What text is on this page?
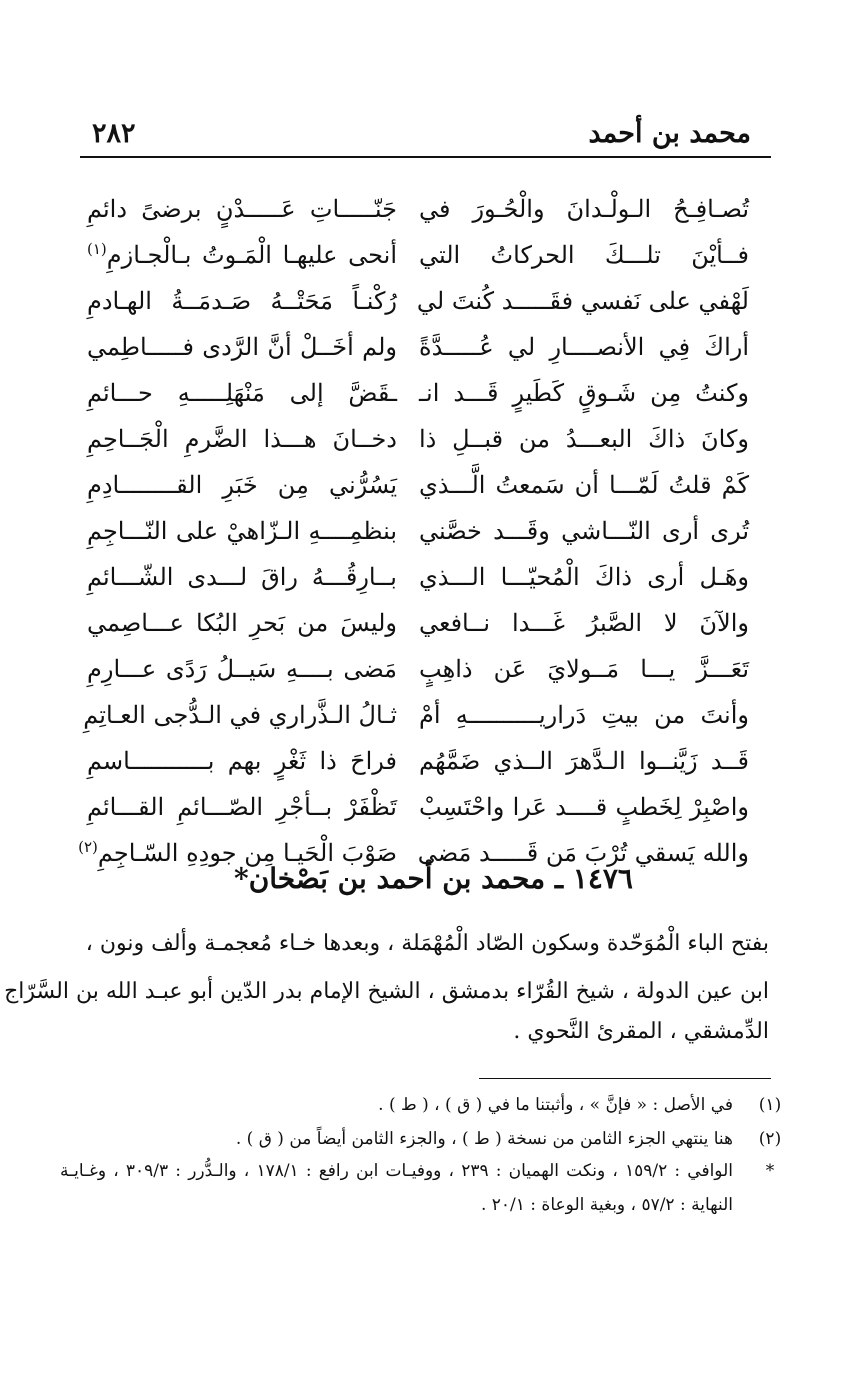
محمد بن أحمد
٢٨٢
تُصـافِـحُ الـولْـدانَ والْحُـورَ في
جَنّـــــاتِ عَـــــدْنٍ برضىً دائمِ
فــأيْنَ تلـــكَ الحركاتُ التي
أنحى عليهـا الْمَـوتُ بـالْجـازمِ$^{(١)}$
لَهْفي على نَفسي فقَـــــد كُنتَ لي
رُكْنـاً مَحَتْــهُ صَـدمَــةُ الهـادمِ
أراكَ فِي الأنصــــارِ لي عُـــــدَّةً
ولم أخَــلْ أنَّ الرَّدى فـــــاطِمي
وكنتُ مِن شَـوقٍ كَطَيرٍ قَـــد انـ
ـقَضَّ إلى مَنْهَلِـــــهِ حـــائمِ
وكانَ ذاكَ البعـــدُ من قبــلِ ذا
دخــانَ هـــذا الضَّرمِ الْجَــاحِمِ
كَمْ قلتُ لَمّـــا أن سَمعتُ الَّـــذي
يَسُرُّني مِن خَبَرِ القــــــــادِمِ
تُرى أرى النّـــاشي وقَـــد خصَّني
بنظمِــــهِ الـزّاهيْ على النّـــاجِمِ
وهَـل أرى ذاكَ الْمُحيّـــا الـــذي
بــارِقُـــهُ راقَ لـــدى الشّـــائمِ
والآنَ لا الصَّبرُ غَـــدا نــافعي
وليسَ من بَحرِ البُكا عـــاصِمي
تَعَـــزَّ يـــا مَــولايَ عَن ذاهِبٍ
مَضى بــــهِ سَيــلُ رَدًى عـــارِمِ
وأنتَ من بيتِ دَراريــــــــــهِ أمْ
ثـالُ الـذَّراري في الـدُّجى العـاتِمِ
قَــد زَيَّنــوا الـدَّهرَ الــذي ضَمَّهُم
فراحَ ذا ثَغْرٍ بهم بـــــــــــاسمِ
واصْبِرْ لِخَطبٍ قــــد عَرا واحْتَسِبْ
تَظْفَرْ بــأجْرِ الصّـــائمِ القـــائمِ
والله يَسقي تُرْبَ مَن قَـــــد مَضى
صَوْبَ الْحَيـا مِن جودِهِ السّـاجِمِ$^{(٢)}$
١٤٧٦ ـ محمد بن أحمد بن بَصْخان*
بفتح الباء الْمُوَحّدة وسكون الصّاد الْمُهْمَلة ، وبعدها خـاء مُعجمـة وألف ونون ،
ابن عين الدولة ، شيخ القُرّاء بدمشق ، الشيخ الإمام بدر الدّين أبو عبـد الله بن السَّرّاج
الدِّمشقي ، المقرئ النَّحوي .
(١)
في الأصل : « فإنَّ » ، وأثبتنا ما في ( ق ) ، ( ط ) .
(٢)
هنا ينتهي الجزء الثامن من نسخة ( ط ) ، والجزء الثامن أيضاً من ( ق ) .
*
الوافي : ١٥٩/٢ ، ونكت الهميان : ٢٣٩ ، ووفيـات ابن رافع : ١٧٨/١ ، والـدُّرر : ٣٠٩/٣ ، وغـايـة
النهاية : ٥٧/٢ ، وبغية الوعاة : ٢٠/١ .
